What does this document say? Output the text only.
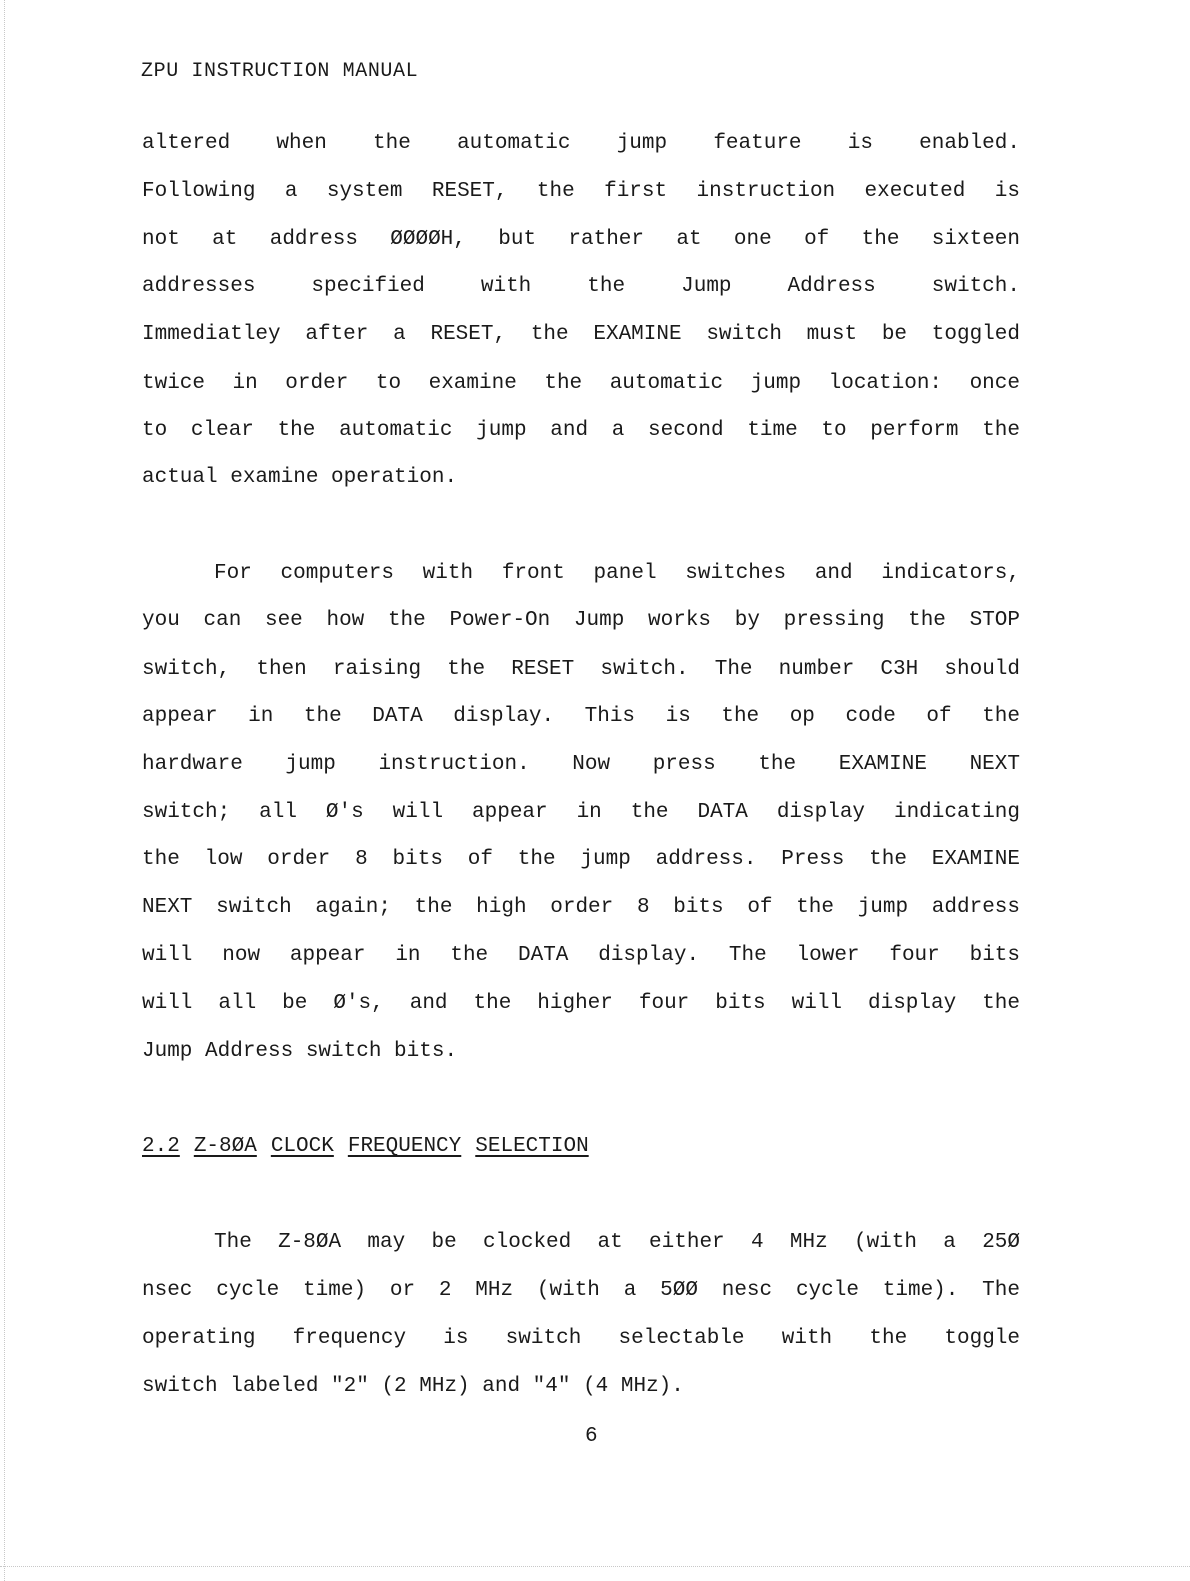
ZPU INSTRUCTION MANUAL
altered when the automatic jump feature is enabled.
Following a system RESET, the first instruction executed is
not at address ØØØØH, but rather at one of the sixteen
addresses specified with the Jump Address switch.
Immediatley after a RESET, the EXAMINE switch must be toggled
twice in order to examine the automatic jump location: once
to clear the automatic jump and a second time to perform the
actual examine operation.
For computers with front panel switches and indicators,
you can see how the Power-On Jump works by pressing the STOP
switch, then raising the RESET switch. The number C3H should
appear in the DATA display. This is the op code of the
hardware jump instruction. Now press the EXAMINE NEXT
switch; all Ø's will appear in the DATA display indicating
the low order 8 bits of the jump address. Press the EXAMINE
NEXT switch again; the high order 8 bits of the jump address
will now appear in the DATA display. The lower four bits
will all be Ø's, and the higher four bits will display the
Jump Address switch bits.
2.2 Z-8ØA CLOCK FREQUENCY SELECTION
The Z-8ØA may be clocked at either 4 MHz (with a 25Ø
nsec cycle time) or 2 MHz (with a 5ØØ nesc cycle time). The
operating frequency is switch selectable with the toggle
switch labeled "2" (2 MHz) and "4" (4 MHz).
6
